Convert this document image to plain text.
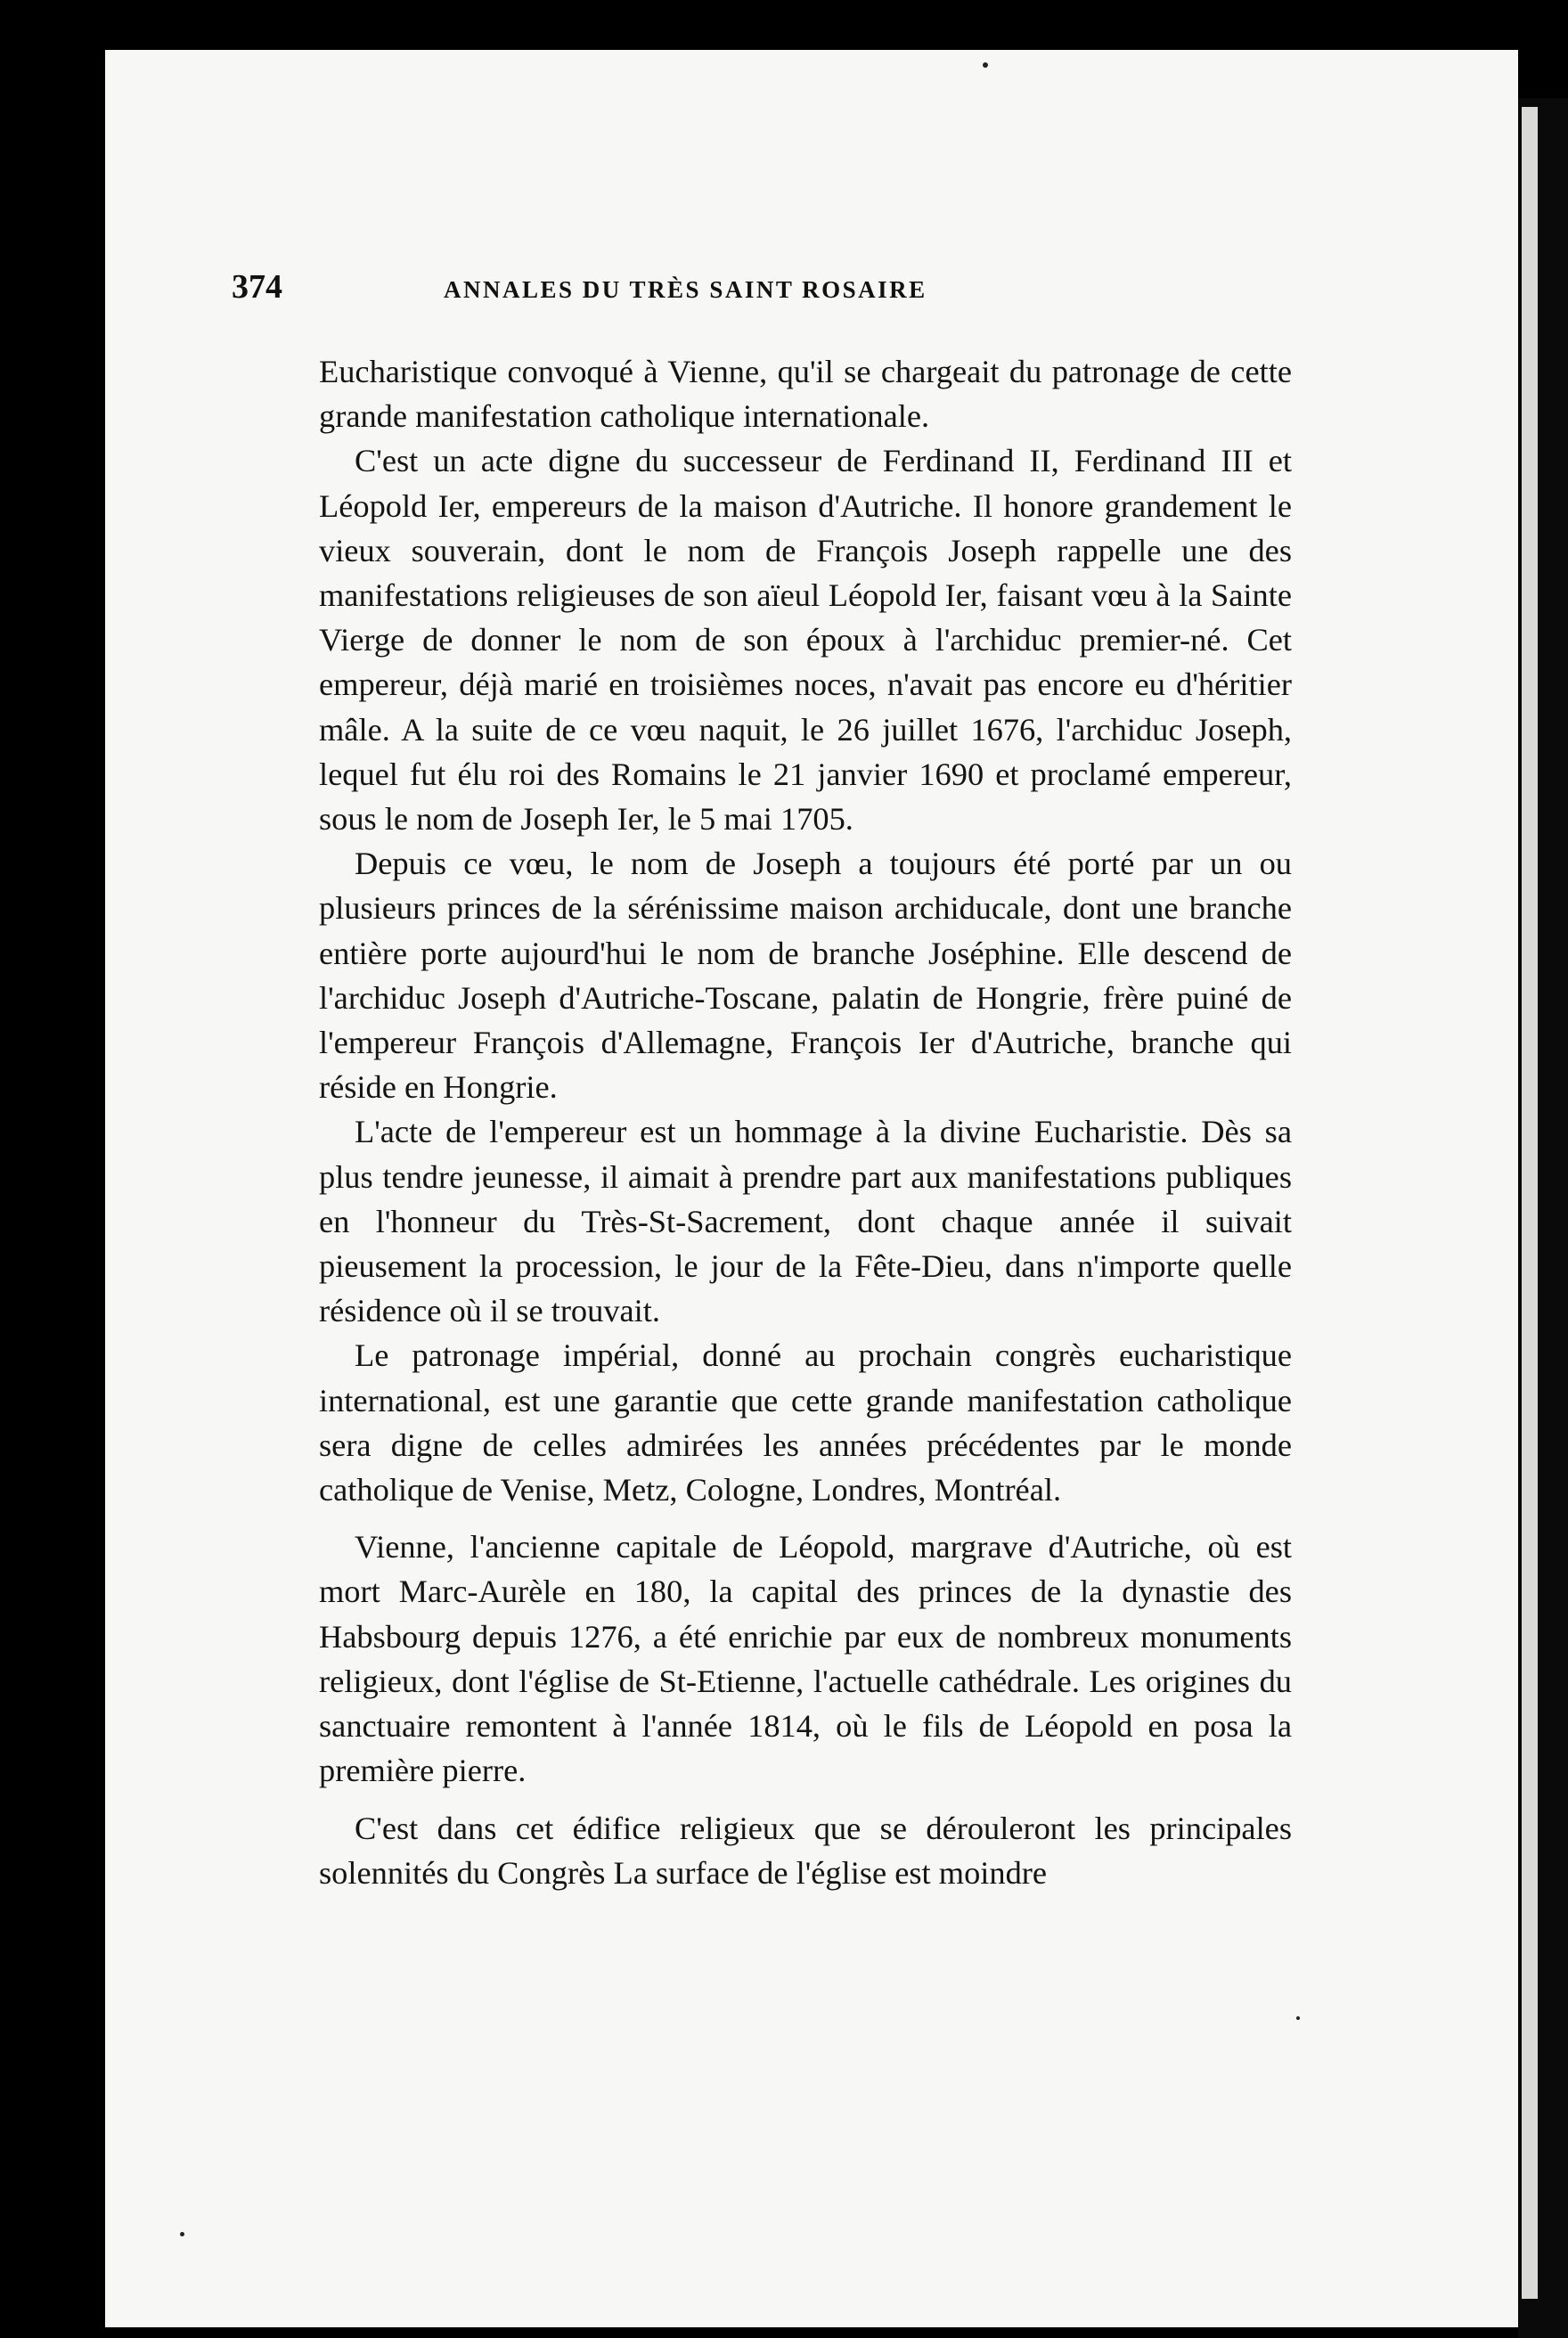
374	ANNALES DU TRÈS SAINT ROSAIRE

Eucharistique convoqué à Vienne, qu'il se chargeait du patronage de cette grande manifestation catholique internationale.

C'est un acte digne du successeur de Ferdinand II, Ferdinand III et Léopold Ier, empereurs de la maison d'Autriche. Il honore grandement le vieux souverain, dont le nom de François Joseph rappelle une des manifestations religieuses de son aïeul Léopold Ier, faisant vœu à la Sainte Vierge de donner le nom de son époux à l'archiduc premier-né. Cet empereur, déjà marié en troisièmes noces, n'avait pas encore eu d'héritier mâle. A la suite de ce vœu naquit, le 26 juillet 1676, l'archiduc Joseph, lequel fut élu roi des Romains le 21 janvier 1690 et proclamé empereur, sous le nom de Joseph Ier, le 5 mai 1705.

Depuis ce vœu, le nom de Joseph a toujours été porté par un ou plusieurs princes de la sérénissime maison archiducale, dont une branche entière porte aujourd'hui le nom de branche Joséphine. Elle descend de l'archiduc Joseph d'Autriche-Toscane, palatin de Hongrie, frère puiné de l'empereur François d'Allemagne, François Ier d'Autriche, branche qui réside en Hongrie.

L'acte de l'empereur est un hommage à la divine Eucharistie. Dès sa plus tendre jeunesse, il aimait à prendre part aux manifestations publiques en l'honneur du Très-St-Sacrement, dont chaque année il suivait pieusement la procession, le jour de la Fête-Dieu, dans n'importe quelle résidence où il se trouvait.

Le patronage impérial, donné au prochain congrès eucharistique international, est une garantie que cette grande manifestation catholique sera digne de celles admirées les années précédentes par le monde catholique de Venise, Metz, Cologne, Londres, Montréal.

Vienne, l'ancienne capitale de Léopold, margrave d'Autriche, où est mort Marc-Aurèle en 180, la capital des princes de la dynastie des Habsbourg depuis 1276, a été enrichie par eux de nombreux monuments religieux, dont l'église de St-Etienne, l'actuelle cathédrale. Les origines du sanctuaire remontent à l'année 1814, où le fils de Léopold en posa la première pierre.

C'est dans cet édifice religieux que se dérouleront les principales solennités du Congrès La surface de l'église est moindre
